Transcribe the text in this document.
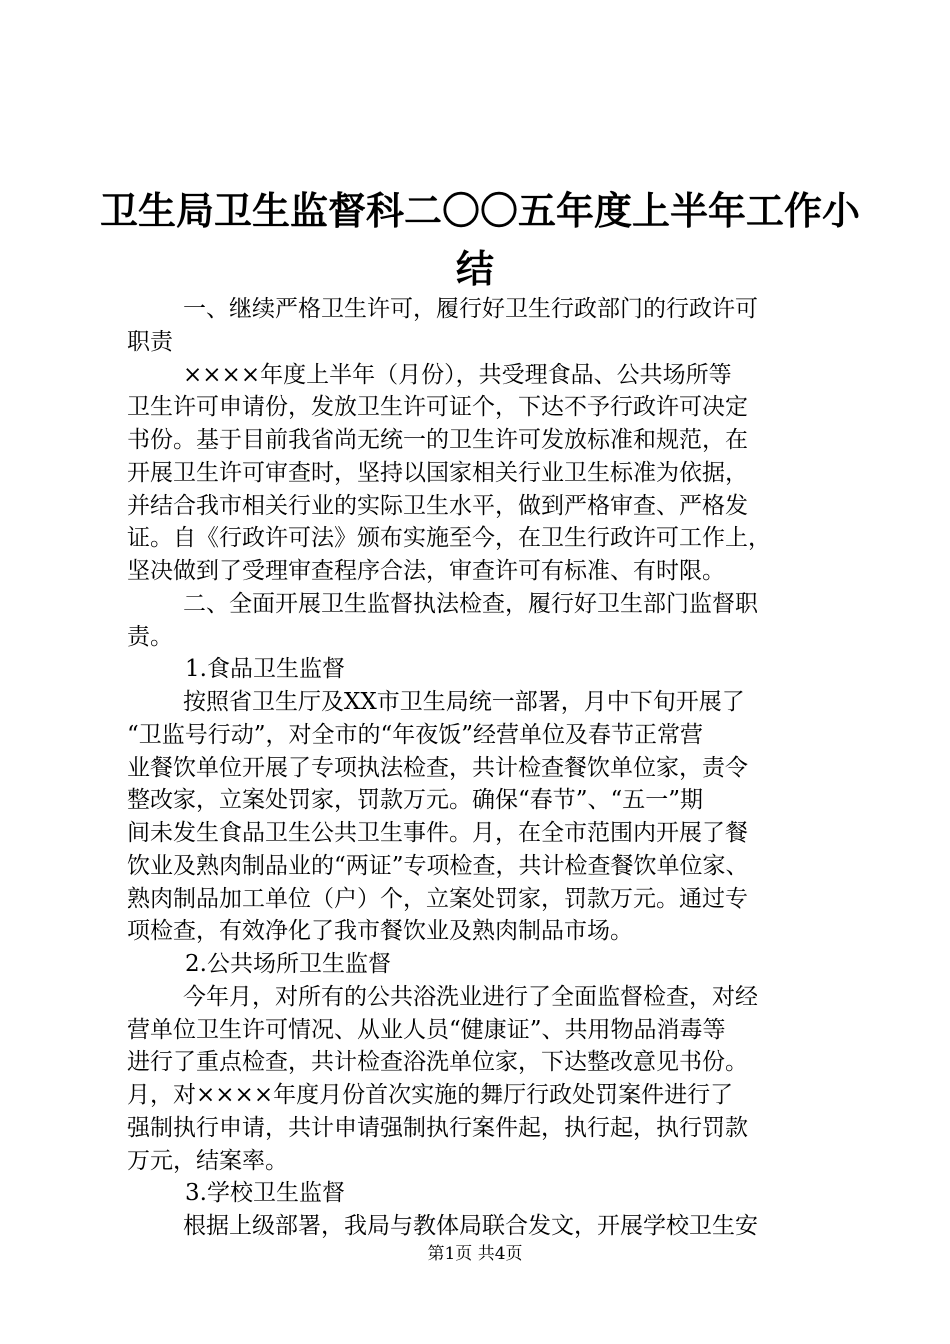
卫生局卫生监督科二〇〇五年度上半年工作小
结
一、继续严格卫生许可，履行好卫生行政部门的行政许可
职责
××××年度上半年（月份），共受理食品、公共场所等
卫生许可申请份，发放卫生许可证个，下达不予行政许可决定
书份。基于目前我省尚无统一的卫生许可发放标准和规范，在
开展卫生许可审查时，坚持以国家相关行业卫生标准为依据，
并结合我市相关行业的实际卫生水平，做到严格审查、严格发
证。自《行政许可法》颁布实施至今，在卫生行政许可工作上，
坚决做到了受理审查程序合法，审查许可有标准、有时限。
二、全面开展卫生监督执法检查，履行好卫生部门监督职
责。
1.食品卫生监督
按照省卫生厅及XX市卫生局统一部署，月中下旬开展了
“卫监号行动”，对全市的“年夜饭”经营单位及春节正常营
业餐饮单位开展了专项执法检查，共计检查餐饮单位家，责令
整改家，立案处罚家，罚款万元。确保“春节”、“五一”期
间未发生食品卫生公共卫生事件。月，在全市范围内开展了餐
饮业及熟肉制品业的“两证”专项检查，共计检查餐饮单位家、
熟肉制品加工单位（户）个，立案处罚家，罚款万元。通过专
项检查，有效净化了我市餐饮业及熟肉制品市场。
2.公共场所卫生监督
今年月，对所有的公共浴洗业进行了全面监督检查，对经
营单位卫生许可情况、从业人员“健康证”、共用物品消毒等
进行了重点检查，共计检查浴洗单位家，下达整改意见书份。
月，对××××年度月份首次实施的舞厅行政处罚案件进行了
强制执行申请，共计申请强制执行案件起，执行起，执行罚款
万元，结案率。
3.学校卫生监督
根据上级部署，我局与教体局联合发文，开展学校卫生安
第1页 共4页
